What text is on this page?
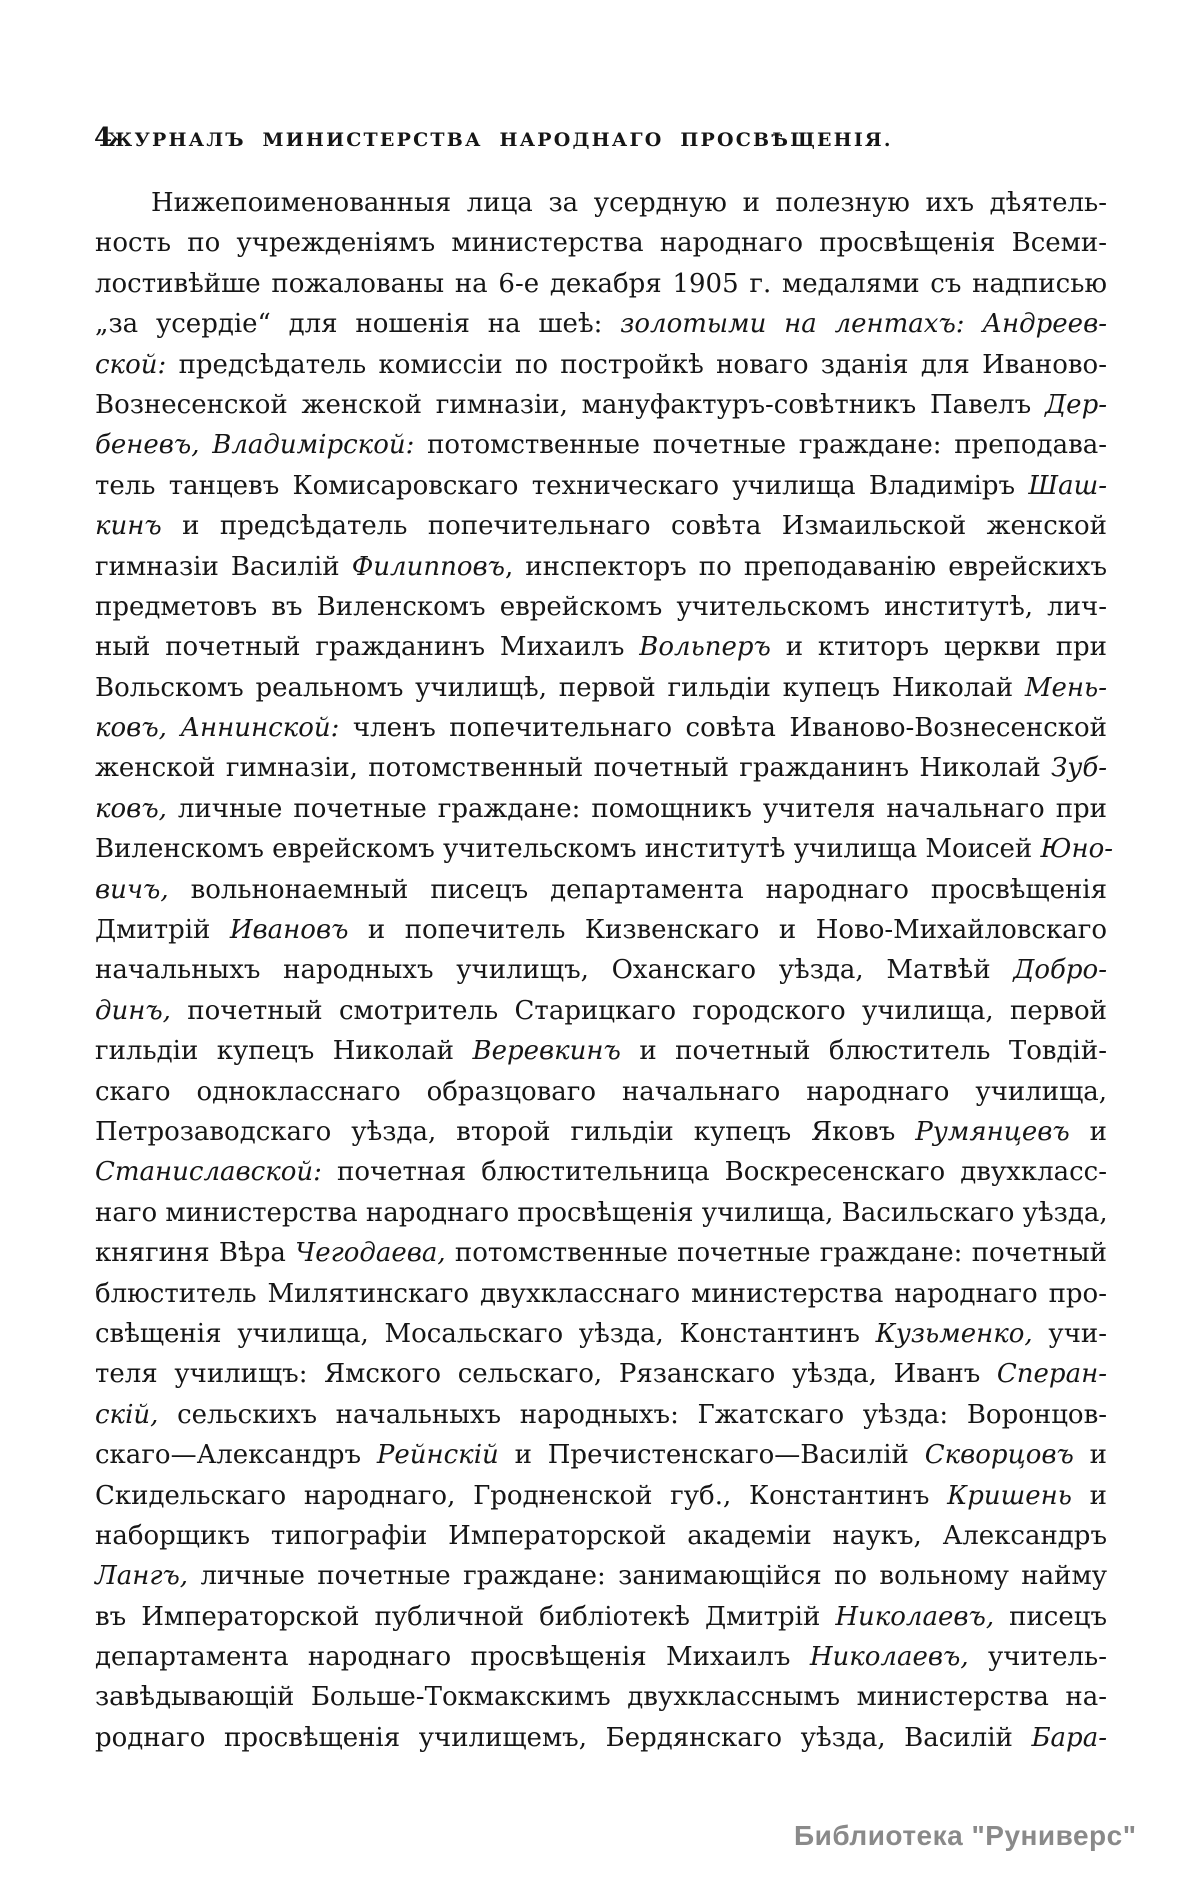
4
ЖУРНАЛЪ МИНИСТЕРСТВА НАРОДНАГО ПРОСВѢЩЕНІЯ.
Нижепоименованныя лица за усердную и полезную ихъ дѣятель-
ность по учрежденіямъ министерства народнаго просвѣщенія Всеми-
лостивѣйше пожалованы на 6-е декабря 1905 г. медалями съ надписью
„за усердіе“ для ношенія на шеѣ: золотыми на лентахъ: Андреев-
ской: предсѣдатель комиссіи по постройкѣ новаго зданія для Иваново-
Вознесенской женской гимназіи, мануфактуръ-совѣтникъ Павелъ Дер-
беневъ, Владимірской: потомственные почетные граждане: преподава-
тель танцевъ Комисаровскаго техническаго училища Владиміръ Шаш-
кинъ и предсѣдатель попечительнаго совѣта Измаильской женской
гимназіи Василій Филипповъ, инспекторъ по преподаванію еврейскихъ
предметовъ въ Виленскомъ еврейскомъ учительскомъ институтѣ, лич-
ный почетный гражданинъ Михаилъ Вольперъ и ктиторъ церкви при
Вольскомъ реальномъ училищѣ, первой гильдіи купецъ Николай Мень-
ковъ, Аннинской: членъ попечительнаго совѣта Иваново-Вознесенской
женской гимназіи, потомственный почетный гражданинъ Николай Зуб-
ковъ, личные почетные граждане: помощникъ учителя начальнаго при
Виленскомъ еврейскомъ учительскомъ институтѣ училища Моисей Юно-
вичъ, вольнонаемный писецъ департамента народнаго просвѣщенія
Дмитрій Ивановъ и попечитель Кизвенскаго и Ново-Михайловскаго
начальныхъ народныхъ училищъ, Оханскаго уѣзда, Матвѣй Добро-
динъ, почетный смотритель Старицкаго городского училища, первой
гильдіи купецъ Николай Веревкинъ и почетный блюститель Товдій-
скаго однокласснаго образцоваго начальнаго народнаго училища,
Петрозаводскаго уѣзда, второй гильдіи купецъ Яковъ Румянцевъ и
Станиславской: почетная блюстительница Воскресенскаго двухкласс-
наго министерства народнаго просвѣщенія училища, Васильскаго уѣзда,
княгиня Вѣра Чегодаева, потомственные почетные граждане: почетный
блюститель Милятинскаго двухкласснаго министерства народнаго про-
свѣщенія училища, Мосальскаго уѣзда, Константинъ Кузьменко, учи-
теля училищъ: Ямского сельскаго, Рязанскаго уѣзда, Иванъ Сперан-
скій, сельскихъ начальныхъ народныхъ: Гжатскаго уѣзда: Воронцов-
скаго—Александръ Рейнскій и Пречистенскаго—Василій Скворцовъ и
Скидельскаго народнаго, Гродненской губ., Константинъ Кришень и
наборщикъ типографіи Императорской академіи наукъ, Александръ
Лангъ, личные почетные граждане: занимающійся по вольному найму
въ Императорской публичной библіотекѣ Дмитрій Николаевъ, писецъ
департамента народнаго просвѣщенія Михаилъ Николаевъ, учитель-
завѣдывающій Больше-Токмакскимъ двухкласснымъ министерства на-
роднаго просвѣщенія училищемъ, Бердянскаго уѣзда, Василій Бара-
Библиотека "Руниверс"
